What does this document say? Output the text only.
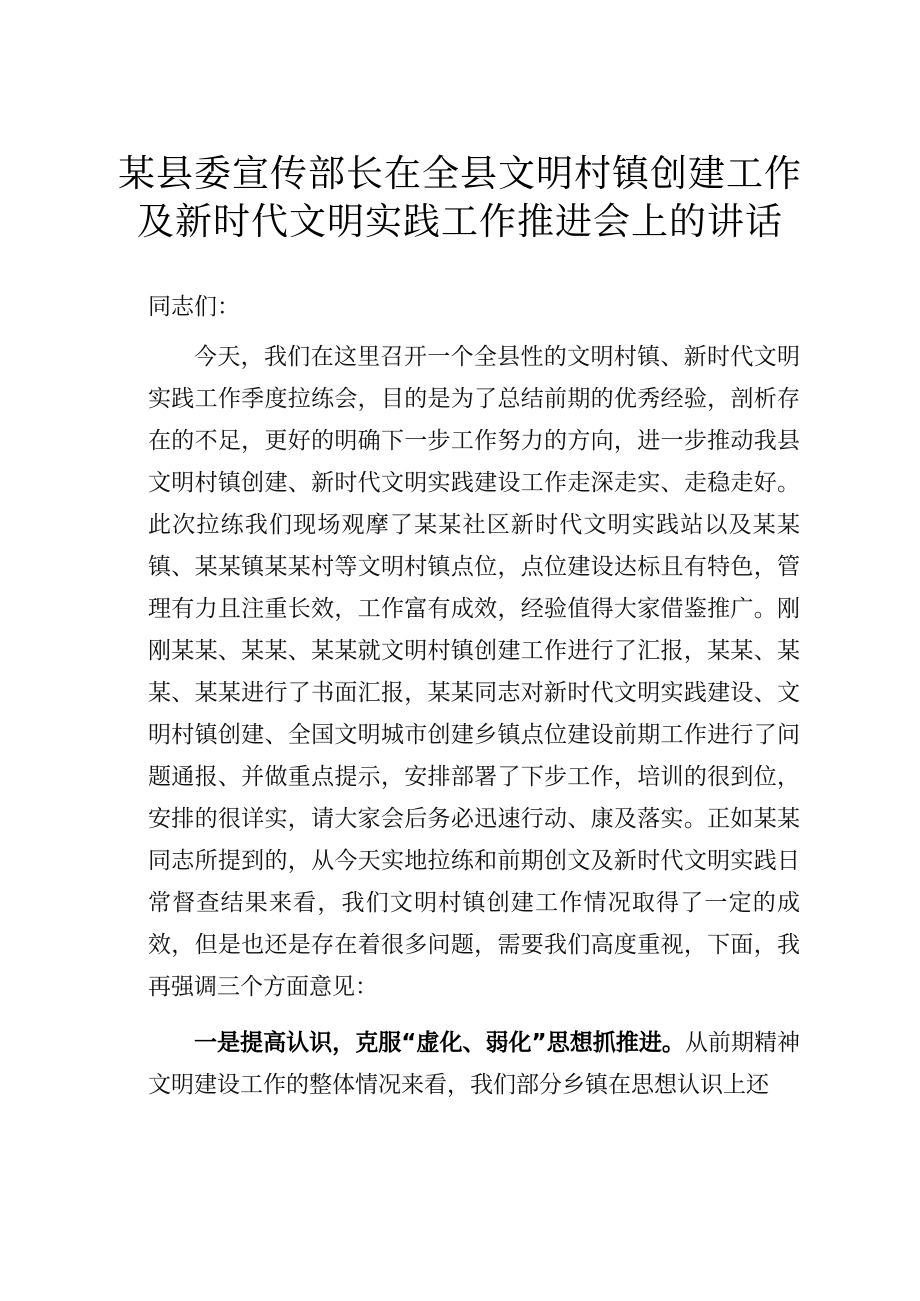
某县委宣传部长在全县文明村镇创建工作
及新时代文明实践工作推进会上的讲话
同志们：
今天，我们在这里召开一个全县性的文明村镇、新时代文明实践工作季度拉练会，目的是为了总结前期的优秀经验，剖析存在的不足，更好的明确下一步工作努力的方向，进一步推动我县文明村镇创建、新时代文明实践建设工作走深走实、走稳走好。此次拉练我们现场观摩了某某社区新时代文明实践站以及某某镇、某某镇某某村等文明村镇点位，点位建设达标且有特色，管理有力且注重长效，工作富有成效，经验值得大家借鉴推广。刚刚某某、某某、某某就文明村镇创建工作进行了汇报，某某、某某、某某进行了书面汇报，某某同志对新时代文明实践建设、文明村镇创建、全国文明城市创建乡镇点位建设前期工作进行了问题通报、并做重点提示，安排部署了下步工作，培训的很到位，安排的很详实，请大家会后务必迅速行动、康及落实。正如某某同志所提到的，从今天实地拉练和前期创文及新时代文明实践日常督查结果来看，我们文明村镇创建工作情况取得了一定的成效，但是也还是存在着很多问题，需要我们高度重视，下面，我再强调三个方面意见：
一是提高认识，克服“虚化、弱化”思想抓推进。从前期精神文明建设工作的整体情况来看，我们部分乡镇在思想认识上还
